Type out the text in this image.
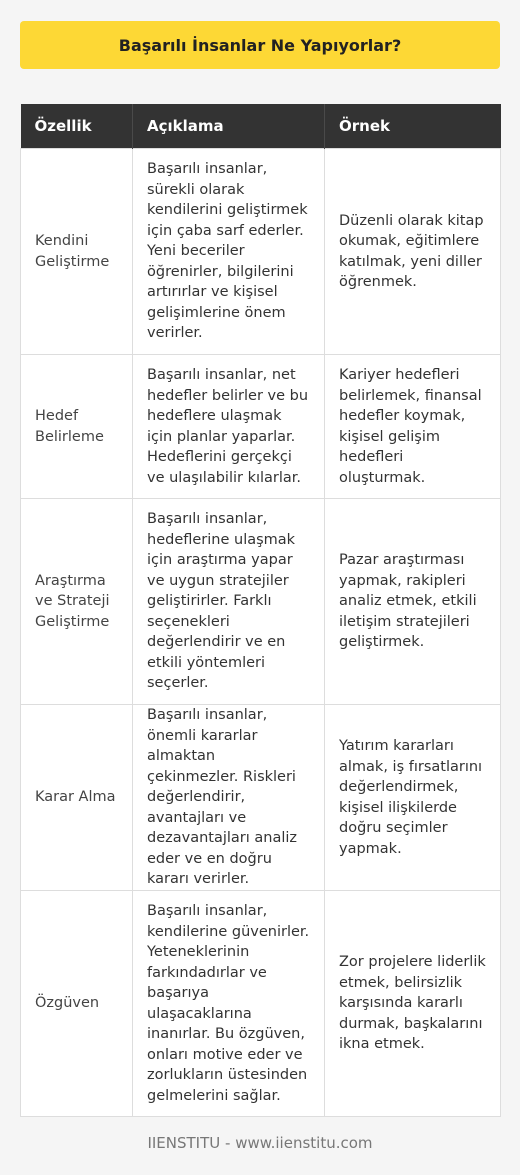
Başarılı İnsanlar Ne Yapıyorlar?
Özellik	Açıklama	Örnek
Kendini Geliştirme	Başarılı insanlar, sürekli olarak kendilerini geliştirmek için çaba sarf ederler. Yeni beceriler öğrenirler, bilgilerini artırırlar ve kişisel gelişimlerine önem verirler.	Düzenli olarak kitap okumak, eğitimlere katılmak, yeni diller öğrenmek.
Hedef Belirleme	Başarılı insanlar, net hedefler belirler ve bu hedeflere ulaşmak için planlar yaparlar. Hedeflerini gerçekçi ve ulaşılabilir kılarlar.	Kariyer hedefleri belirlemek, finansal hedefler koymak, kişisel gelişim hedefleri oluşturmak.
Araştırma ve Strateji Geliştirme	Başarılı insanlar, hedeflerine ulaşmak için araştırma yapar ve uygun stratejiler geliştirirler. Farklı seçenekleri değerlendirir ve en etkili yöntemleri seçerler.	Pazar araştırması yapmak, rakipleri analiz etmek, etkili iletişim stratejileri geliştirmek.
Karar Alma	Başarılı insanlar, önemli kararlar almaktan çekinmezler. Riskleri değerlendirir, avantajları ve dezavantajları analiz eder ve en doğru kararı verirler.	Yatırım kararları almak, iş fırsatlarını değerlendirmek, kişisel ilişkilerde doğru seçimler yapmak.
Özgüven	Başarılı insanlar, kendilerine güvenirler. Yeteneklerinin farkındadırlar ve başarıya ulaşacaklarına inanırlar. Bu özgüven, onları motive eder ve zorlukların üstesinden gelmelerini sağlar.	Zor projelere liderlik etmek, belirsizlik karşısında kararlı durmak, başkalarını ikna etmek.
IIENSTITU - www.iienstitu.com
